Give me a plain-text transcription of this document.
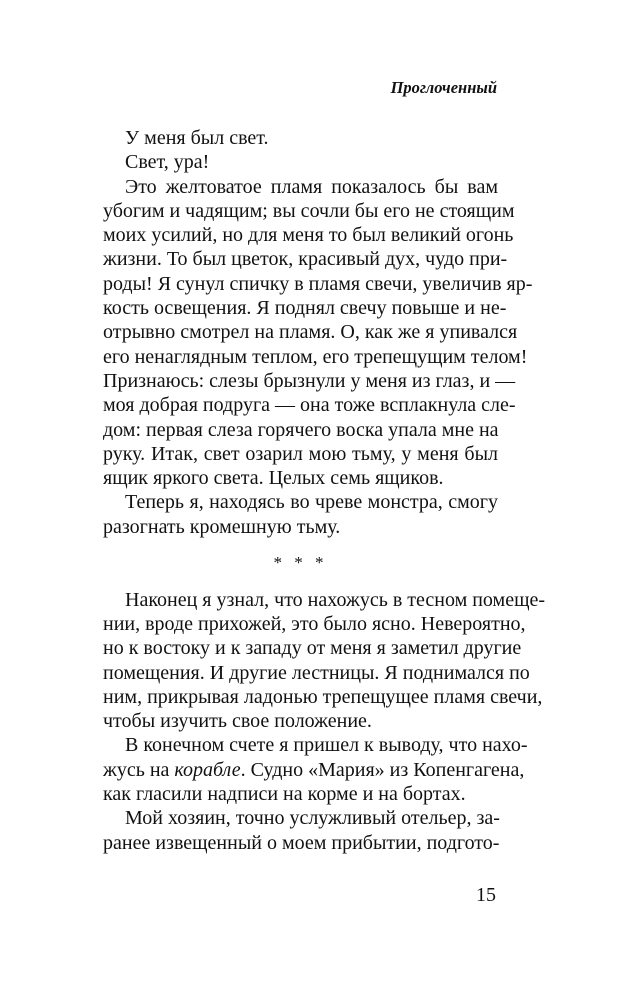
Проглоченный
У меня был свет.
Свет, ура!
Это желтоватое пламя показалось бы вам
убогим и чадящим; вы сочли бы его не стоящим
моих усилий, но для меня то был великий огонь
жизни. То был цветок, красивый дух, чудо при-
роды! Я сунул спичку в пламя свечи, увеличив яр-
кость освещения. Я поднял свечу повыше и не-
отрывно смотрел на пламя. О, как же я упивался
его ненаглядным теплом, его трепещущим телом!
Признаюсь: слезы брызнули у меня из глаз, и —
моя добрая подруга — она тоже всплакнула сле-
дом: первая слеза горячего воска упала мне на
руку. Итак, свет озарил мою тьму, у меня был
ящик яркого света. Целых семь ящиков.
Теперь я, находясь во чреве монстра, смогу
разогнать кромешную тьму.
* * *
Наконец я узнал, что нахожусь в тесном помеще-
нии, вроде прихожей, это было ясно. Невероятно,
но к востоку и к западу от меня я заметил другие
помещения. И другие лестницы. Я поднимался по
ним, прикрывая ладонью трепещущее пламя свечи,
чтобы изучить свое положение.
В конечном счете я пришел к выводу, что нахо-
жусь на корабле. Судно «Мария» из Копенгагена,
как гласили надписи на корме и на бортах.
Мой хозяин, точно услужливый отельер, за-
ранее извещенный о моем прибытии, подгото-
15
